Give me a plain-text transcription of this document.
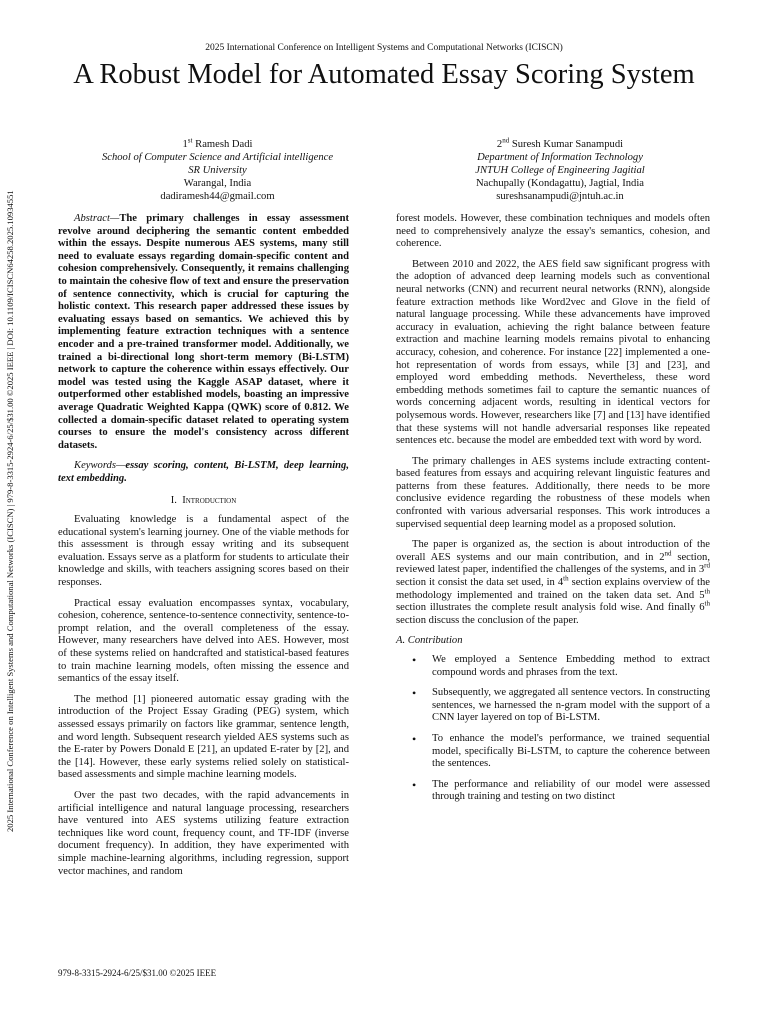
2025 International Conference on Intelligent Systems and Computational Networks (ICISCN)
A Robust Model for Automated Essay Scoring System
1st Ramesh Dadi
School of Computer Science and Artificial intelligence
SR University
Warangal, India
dadiramesh44@gmail.com
2nd Suresh Kumar Sanampudi
Department of Information Technology
JNTUH College of Engineering Jagitial
Nachupally (Kondagattu), Jagtial, India
sureshsanampudi@jntuh.ac.in
2025 International Conference on Intelligent Systems and Computational Networks (ICISCN) | 979-8-3315-2924-6/25/$31.00 ©2025 IEEE | DOI: 10.1109/ICISCN64258.2025.10934551	Abstract—The primary challenges in essay assessment revolve around deciphering the semantic content embedded within the essays. Despite numerous AES systems, many still need to evaluate essays regarding domain-specific content and cohesion comprehensively. Consequently, it remains challenging to maintain the cohesive flow of text and ensure the preservation of sentence connectivity, which is crucial for capturing the holistic context. This research paper addressed these issues by evaluating essays based on semantics. We achieved this by implementing feature extraction techniques with a sentence encoder and a pre-trained transformer model. Additionally, we trained a bi-directional long short-term memory (Bi-LSTM) network to capture the coherence within essays effectively. Our model was tested using the Kaggle ASAP dataset, where it outperformed other established models, boasting an impressive average Quadratic Weighted Kappa (QWK) score of 0.812. We collected a domain-specific dataset related to operating system courses to ensure the model's consistency across different datasets.

Keywords—essay scoring, content, Bi-LSTM, deep learning, text embedding.

I. Introduction

Evaluating knowledge is a fundamental aspect of the educational system's learning journey. One of the viable methods for this assessment is through essay writing and its subsequent evaluation. Essays serve as a platform for students to articulate their knowledge and skills, with teachers assigning scores based on their responses.

Practical essay evaluation encompasses syntax, vocabulary, cohesion, coherence, sentence-to-sentence connectivity, sentence-to-prompt relation, and the overall completeness of the essay. However, many researchers have delved into AES. However, most of these systems relied on handcrafted and statistical-based features to train machine learning models, often missing the essence and semantics of the essay itself.

The method [1] pioneered automatic essay grading with the introduction of the Project Essay Grading (PEG) system, which assessed essays primarily on factors like grammar, sentence length, and word length. Subsequent research yielded AES systems such as the E-rater by Powers Donald E [21], an updated E-rater by [2], and the [14]. However, these early systems relied solely on statistical-based assessments and simple machine learning models.

Over the past two decades, with the rapid advancements in artificial intelligence and natural language processing, researchers have ventured into AES systems utilizing feature extraction techniques like word count, frequency count, and TF-IDF (inverse document frequency). In addition, they have experimented with simple machine-learning algorithms, including regression, support vector machines, and random

forest models. However, these combination techniques and models often need to comprehensively analyze the essay's semantics, cohesion, and coherence.

Between 2010 and 2022, the AES field saw significant progress with the adoption of advanced deep learning models such as conventional neural networks (CNN) and recurrent neural networks (RNN), alongside feature extraction methods like Word2vec and Glove in the field of natural language processing. While these advancements have improved accuracy in evaluation, achieving the right balance between feature extraction and machine learning models remains pivotal to enhancing accuracy, cohesion, and coherence. For instance [22] implemented a one-hot representation of words from essays, while [3] and [23], and employed word embedding methods. Nevertheless, these word embedding methods sometimes fail to capture the semantic nuances of words concerning adjacent words, resulting in identical vectors for polysemous words. However, researchers like [7] and [13] have identified that these systems will not handle adversarial responses like repeated sentences etc. because the model are embedded text with word by word.

The primary challenges in AES systems include extracting content-based features from essays and acquiring relevant linguistic features and patterns from these features. Additionally, there needs to be more conclusive evidence regarding the robustness of these models when confronted with various adversarial responses. This work introduces a supervised sequential deep learning model as a proposed solution.

The paper is organized as, the section is about introduction of the overall AES systems and our main contribution, and in 2nd section, reviewed latest paper, indentified the challenges of the systems, and in 3rd section it consist the data set used, in 4th section explains overview of the methodology implemented and trained on the taken data set. And 5th section illustrates the complete result analysis fold wise. And finally 6th section discuss the conclusion of the paper.

A. Contribution

• We employed a Sentence Embedding method to extract compound words and phrases from the text.
• Subsequently, we aggregated all sentence vectors. In constructing sentences, we harnessed the n-gram model with the support of a CNN layer layered on top of Bi-LSTM.
• To enhance the model's performance, we trained sequential model, specifically Bi-LSTM, to capture the coherence between the sentences.
• The performance and reliability of our model were assessed through training and testing on two distinct
979-8-3315-2924-6/25/$31.00 ©2025 IEEE
